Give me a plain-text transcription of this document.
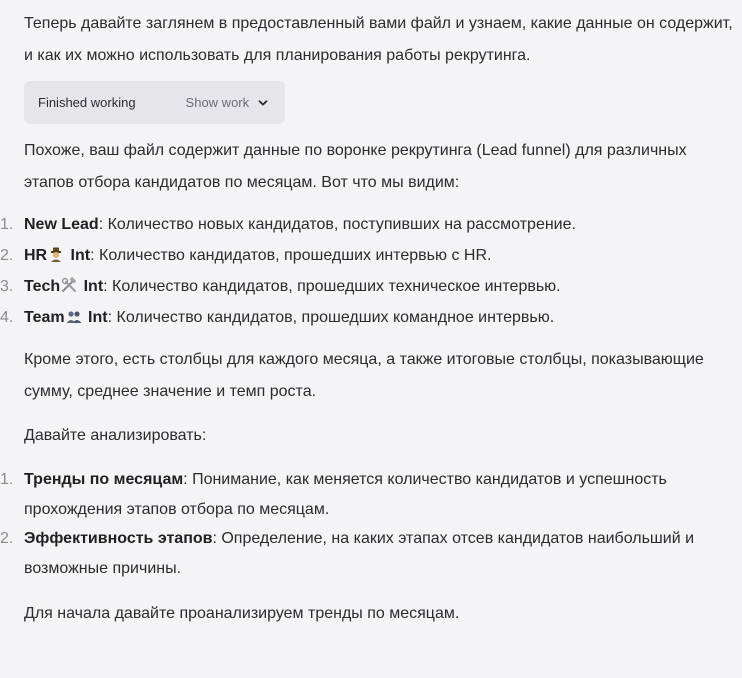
Теперь давайте заглянем в предоставленный вами файл и узнаем, какие данные он содержит, и как их можно использовать для планирования работы рекрутинга.

Finished working	Show work

Похоже, ваш файл содержит данные по воронке рекрутинга (Lead funnel) для различных этапов отбора кандидатов по месяцам. Вот что мы видим:

1. New Lead: Количество новых кандидатов, поступивших на рассмотрение.
2. HR Int: Количество кандидатов, прошедших интервью с HR.
3. Tech Int: Количество кандидатов, прошедших техническое интервью.
4. Team Int: Количество кандидатов, прошедших командное интервью.

Кроме этого, есть столбцы для каждого месяца, а также итоговые столбцы, показывающие сумму, среднее значение и темп роста.

Давайте анализировать:

1. Тренды по месяцам: Понимание, как меняется количество кандидатов и успешность прохождения этапов отбора по месяцам.
2. Эффективность этапов: Определение, на каких этапах отсев кандидатов наибольший и возможные причины.

Для начала давайте проанализируем тренды по месяцам.
